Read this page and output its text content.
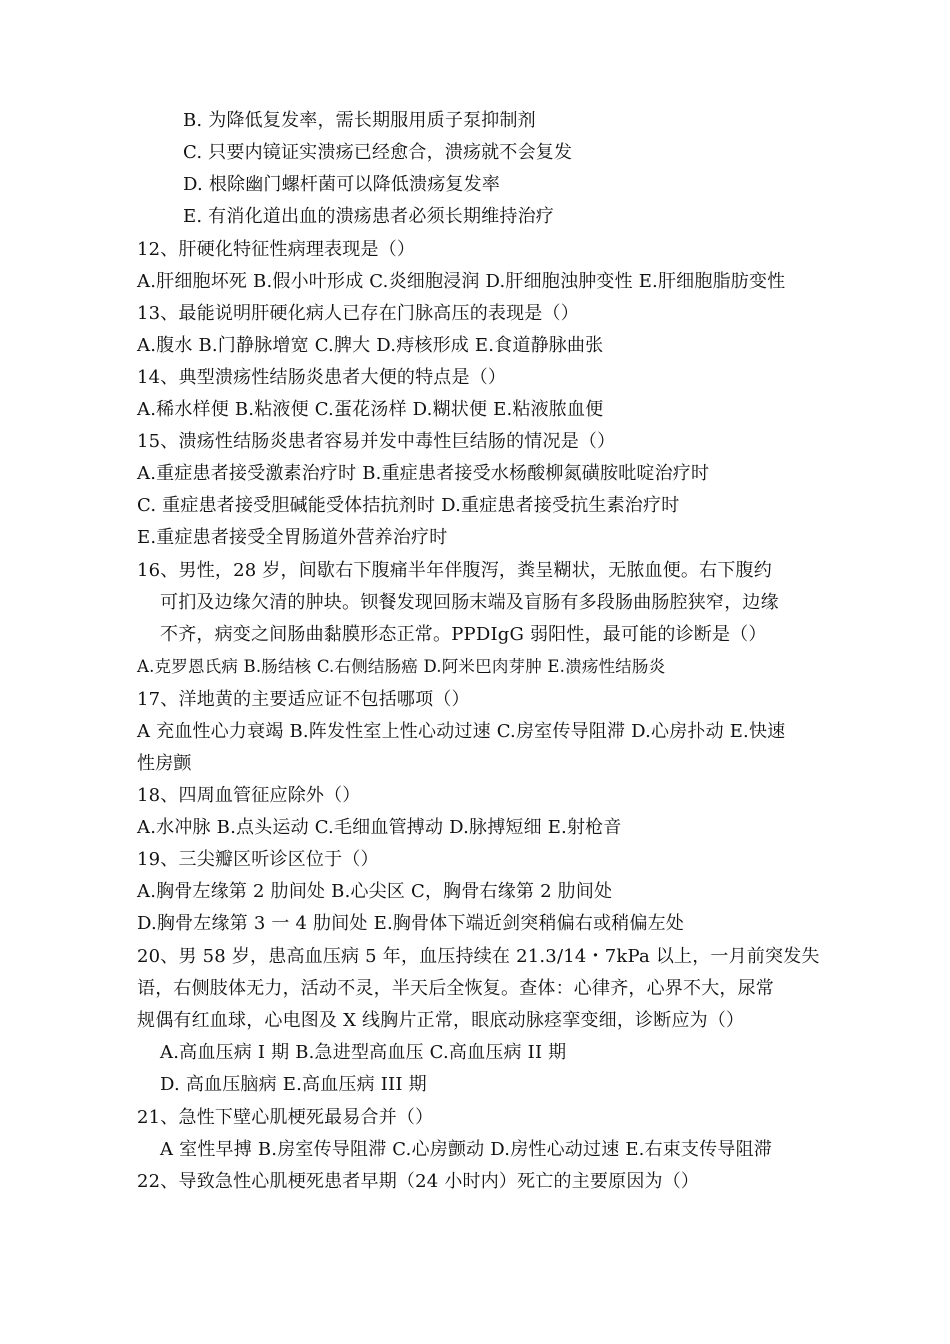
B. 为降低复发率，需长期服用质子泵抑制剂
C. 只要内镜证实溃疡已经愈合，溃疡就不会复发
D. 根除幽门螺杆菌可以降低溃疡复发率
E. 有消化道出血的溃疡患者必须长期维持治疗
12、肝硬化特征性病理表现是（）
A.肝细胞坏死 B.假小叶形成 C.炎细胞浸润 D.肝细胞浊肿变性 E.肝细胞脂肪变性
13、最能说明肝硬化病人已存在门脉高压的表现是（）
A.腹水 B.门静脉增宽 C.脾大 D.痔核形成 E.食道静脉曲张
14、典型溃疡性结肠炎患者大便的特点是（）
A.稀水样便 B.粘液便 C.蛋花汤样 D.糊状便 E.粘液脓血便
15、溃疡性结肠炎患者容易并发中毒性巨结肠的情况是（）
A.重症患者接受激素治疗时 B.重症患者接受水杨酸柳氮磺胺吡啶治疗时
C. 重症患者接受胆碱能受体拮抗剂时 D.重症患者接受抗生素治疗时
E.重症患者接受全胃肠道外营养治疗时
16、男性，28 岁，间歇右下腹痛半年伴腹泻，粪呈糊状，无脓血便。右下腹约
可扪及边缘欠清的肿块。钡餐发现回肠末端及盲肠有多段肠曲肠腔狭窄，边缘
不齐，病变之间肠曲黏膜形态正常。PPDIgG 弱阳性，最可能的诊断是（）
A.克罗恩氏病 B.肠结核 C.右侧结肠癌 D.阿米巴肉芽肿 E.溃疡性结肠炎
17、洋地黄的主要适应证不包括哪项（）
A 充血性心力衰竭 B.阵发性室上性心动过速 C.房室传导阻滞 D.心房扑动 E.快速
性房颤
18、四周血管征应除外（）
A.水冲脉 B.点头运动 C.毛细血管搏动 D.脉搏短细 E.射枪音
19、三尖瓣区听诊区位于（）
A.胸骨左缘第 2 肋间处 B.心尖区 C，胸骨右缘第 2 肋间处
D.胸骨左缘第 3 一 4 肋间处 E.胸骨体下端近剑突稍偏右或稍偏左处
20、男 58 岁，患高血压病 5 年，血压持续在 21.3/14・7kPa 以上，一月前突发失
语，右侧肢体无力，活动不灵，半天后全恢复。查体：心律齐，心界不大，尿常
规偶有红血球，心电图及 X 线胸片正常，眼底动脉痉挛变细，诊断应为（）
A.高血压病 I 期 B.急进型高血压 C.高血压病 II 期
D. 高血压脑病 E.高血压病 III 期
21、急性下壁心肌梗死最易合并（）
A 室性早搏 B.房室传导阻滞 C.心房颤动 D.房性心动过速 E.右束支传导阻滞
22、导致急性心肌梗死患者早期（24 小时内）死亡的主要原因为（）
